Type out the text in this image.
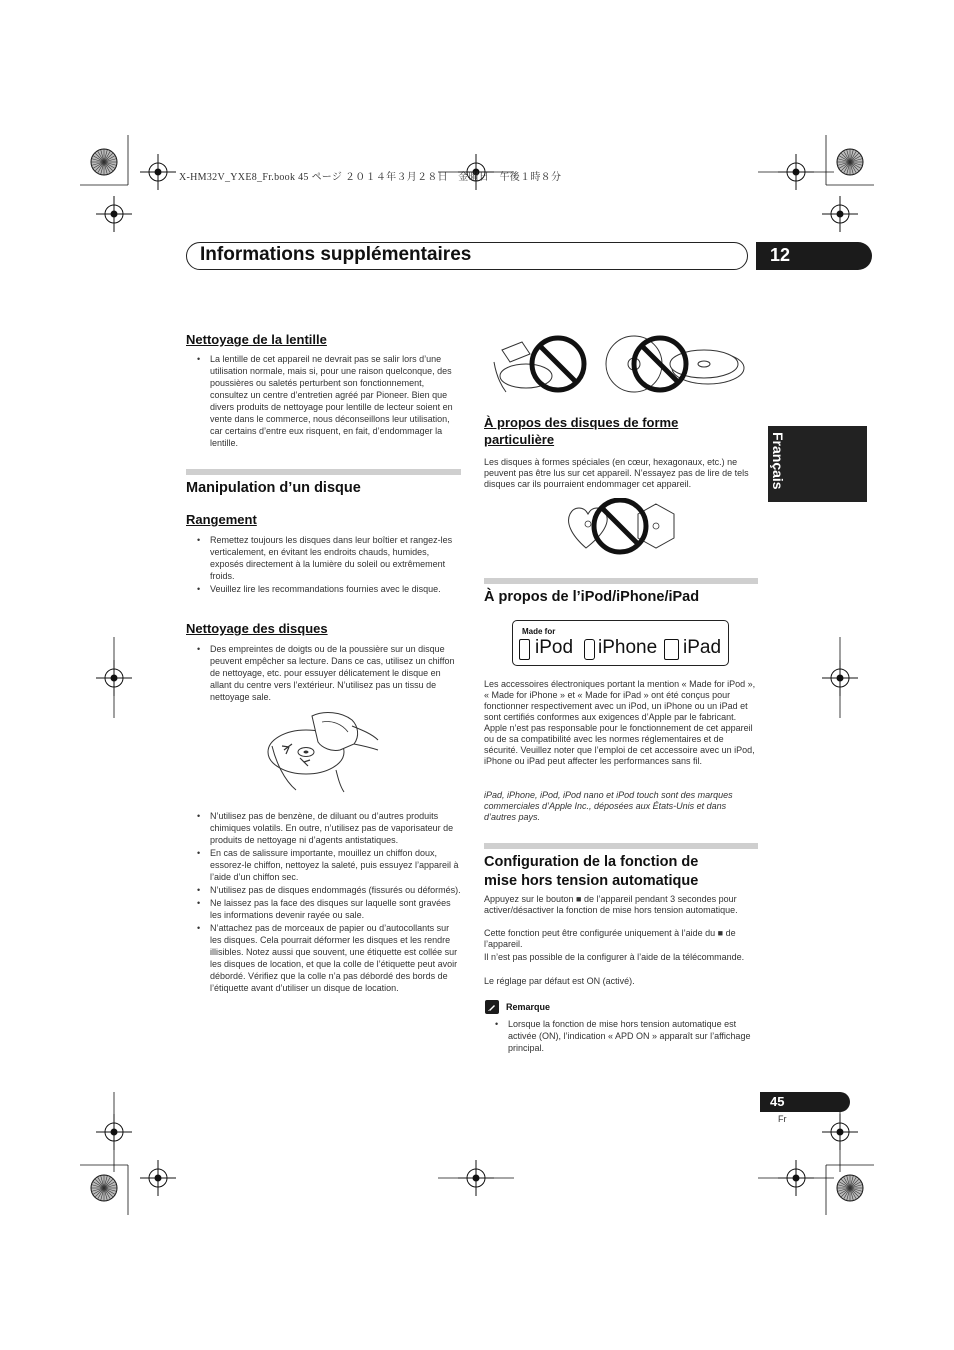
X-HM32V_YXE8_Fr.book 45 ページ ２０１４年３月２８日　金曜日　午後１時８分
Informations supplémentaires	12
Français
Nettoyage de la lentille
• La lentille de cet appareil ne devrait pas se salir lors d’une utilisation normale, mais si, pour une raison quelconque, des poussières ou saletés perturbent son fonctionnement, consultez un centre d’entretien agréé par Pioneer. Bien que divers produits de nettoyage pour lentille de lecteur soient en vente dans le commerce, nous déconseillons leur utilisation, car certains d’entre eux risquent, en fait, d’endommager la lentille.
Manipulation d’un disque
Rangement
• Remettez toujours les disques dans leur boîtier et rangez-les verticalement, en évitant les endroits chauds, humides, exposés directement à la lumière du soleil ou extrêmement froids.
• Veuillez lire les recommandations fournies avec le disque.
Nettoyage des disques
• Des empreintes de doigts ou de la poussière sur un disque peuvent empêcher sa lecture. Dans ce cas, utilisez un chiffon de nettoyage, etc. pour essuyer délicatement le disque en allant du centre vers l’extérieur. N’utilisez pas un tissu de nettoyage sale.
• N’utilisez pas de benzène, de diluant ou d’autres produits chimiques volatils. En outre, n’utilisez pas de vaporisateur de produits de nettoyage ni d’agents antistatiques.
• En cas de salissure importante, mouillez un chiffon doux, essorez-le chiffon, nettoyez la saleté, puis essuyez l’appareil à l’aide d’un chiffon sec.
• N’utilisez pas de disques endommagés (fissurés ou déformés).
• Ne laissez pas la face des disques sur laquelle sont gravées les informations devenir rayée ou sale.
• N’attachez pas de morceaux de papier ou d’autocollants sur les disques. Cela pourrait déformer les disques et les rendre illisibles. Notez aussi que souvent, une étiquette est collée sur les disques de location, et que la colle de l’étiquette peut avoir débordé. Vérifiez que la colle n’a pas débordé des bords de l’étiquette avant d’utiliser un disque de location.
À propos des disques de forme
particulière

Les disques à formes spéciales (en cœur, hexagonaux, etc.) ne peuvent pas être lus sur cet appareil. N’essayez pas de lire de tels disques car ils pourraient endommager cet appareil.

À propos de l’iPod/iPhone/iPad
Made for
iPod iPhone iPad

Les accessoires électroniques portant la mention « Made for iPod », « Made for iPhone » et « Made for iPad » ont été conçus pour fonctionner respectivement avec un iPod, un iPhone ou un iPad et sont certifiés conformes aux exigences d’Apple par le fabricant. Apple n’est pas responsable pour le fonctionnement de cet appareil ou de sa compatibilité avec les normes réglementaires et de sécurité. Veuillez noter que l’emploi de cet accessoire avec un iPod, iPhone ou iPad peut affecter les performances sans fil.

iPad, iPhone, iPod, iPod nano et iPod touch sont des marques commerciales d’Apple Inc., déposées aux États-Unis et dans d’autres pays.

Configuration de la fonction de
mise hors tension automatique

Appuyez sur le bouton ■ de l’appareil pendant 3 secondes pour activer/désactiver la fonction de mise hors tension automatique.

Cette fonction peut être configurée uniquement à l’aide du ■ de l’appareil.

Il n’est pas possible de la configurer à l’aide de la télécommande.

Le réglage par défaut est ON (activé).

Remarque
• Lorsque la fonction de mise hors tension automatique est activée (ON), l’indication « APD ON » apparaît sur l’affichage principal.
45
Fr
